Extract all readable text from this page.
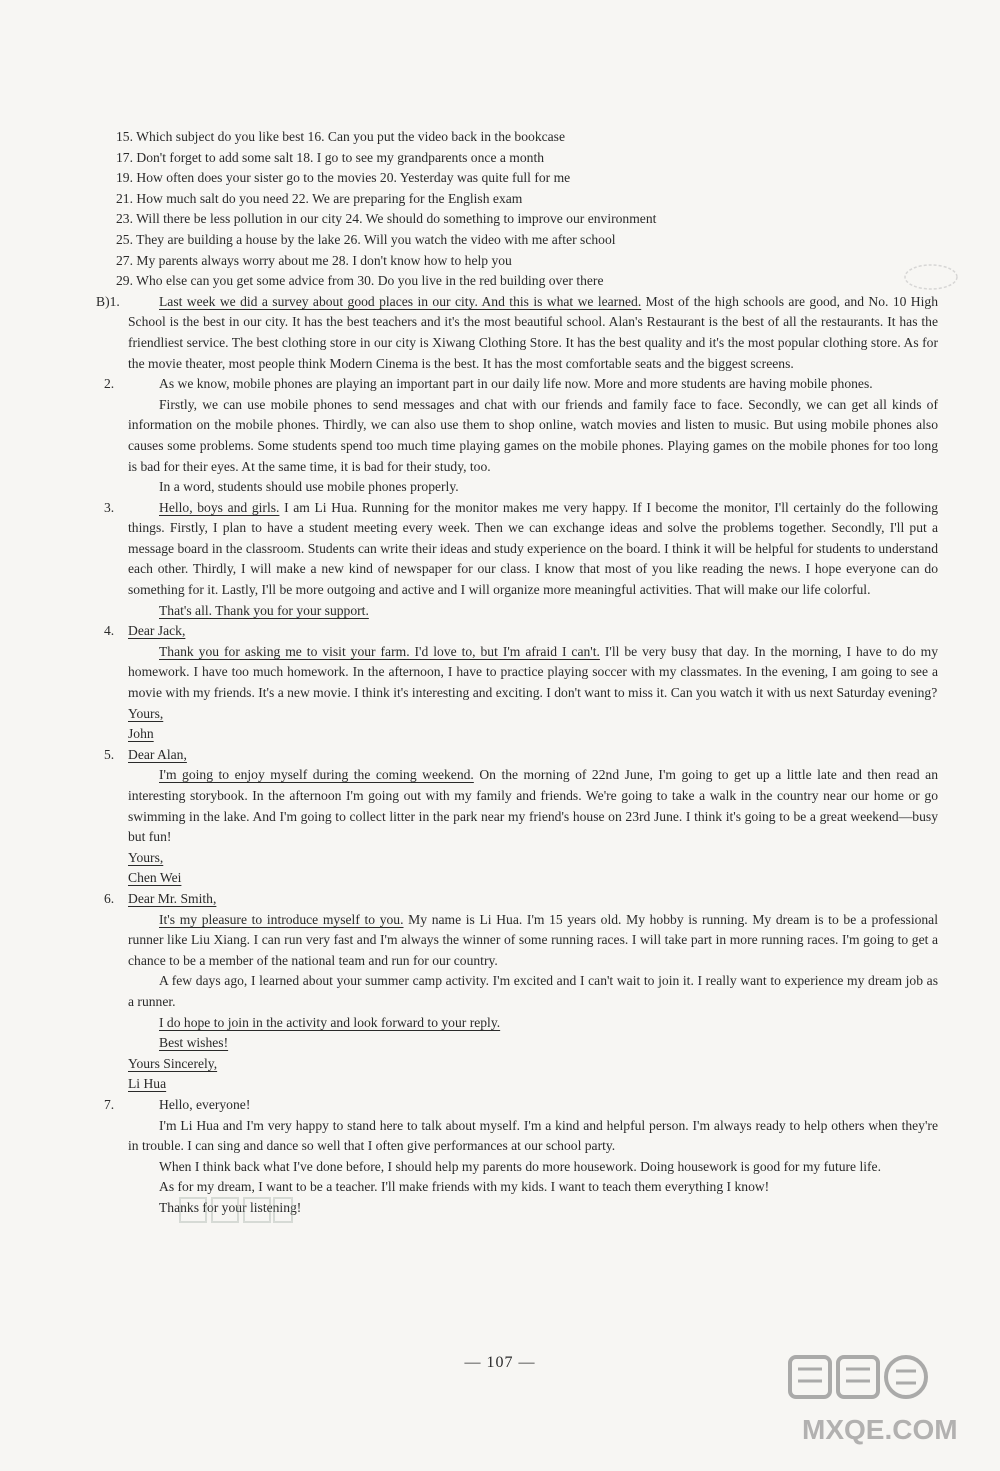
15. Which subject do you like best 16. Can you put the video back in the bookcase
17. Don't forget to add some salt 18. I go to see my grandparents once a month
19. How often does your sister go to the movies 20. Yesterday was quite full for me
21. How much salt do you need 22. We are preparing for the English exam
23. Will there be less pollution in our city 24. We should do something to improve our environment
25. They are building a house by the lake 26. Will you watch the video with me after school
27. My parents always worry about me 28. I don't know how to help you
29. Who else can you get some advice from 30. Do you live in the red building over there
B)1.	Last week we did a survey about good places in our city. And this is what we learned. Most of the high schools are good, and No. 10 High School is the best in our city. It has the best teachers and it's the most beautiful school. Alan's Restaurant is the best of all the restaurants. It has the friendliest service. The best clothing store in our city is Xiwang Clothing Store. It has the best quality and it's the most popular clothing store. As for the movie theater, most people think Modern Cinema is the best. It has the most comfortable seats and the biggest screens.
2.	As we know, mobile phones are playing an important part in our daily life now. More and more students are having mobile phones.
Firstly, we can use mobile phones to send messages and chat with our friends and family face to face. Secondly, we can get all kinds of information on the mobile phones. Thirdly, we can also use them to shop online, watch movies and listen to music. But using mobile phones also causes some problems. Some students spend too much time playing games on the mobile phones. Playing games on the mobile phones for too long is bad for their eyes. At the same time, it is bad for their study, too.
In a word, students should use mobile phones properly.
3.	Hello, boys and girls. I am Li Hua. Running for the monitor makes me very happy. If I become the monitor, I'll certainly do the following things. Firstly, I plan to have a student meeting every week. Then we can exchange ideas and solve the problems together. Secondly, I'll put a message board in the classroom. Students can write their ideas and study experience on the board. I think it will be helpful for students to understand each other. Thirdly, I will make a new kind of newspaper for our class. I know that most of you like reading the news. I hope everyone can do something for it. Lastly, I'll be more outgoing and active and I will organize more meaningful activities. That will make our life colorful.
That's all. Thank you for your support.
4.	Dear Jack,
Thank you for asking me to visit your farm. I'd love to, but I'm afraid I can't. I'll be very busy that day. In the morning, I have to do my homework. I have too much homework. In the afternoon, I have to practice playing soccer with my classmates. In the evening, I am going to see a movie with my friends. It's a new movie. I think it's interesting and exciting. I don't want to miss it. Can you watch it with us next Saturday evening?
Yours,
John
5.	Dear Alan,
I'm going to enjoy myself during the coming weekend. On the morning of 22nd June, I'm going to get up a little late and then read an interesting storybook. In the afternoon I'm going out with my family and friends. We're going to take a walk in the country near our home or go swimming in the lake. And I'm going to collect litter in the park near my friend's house on 23rd June. I think it's going to be a great weekend—busy but fun!
Yours,
Chen Wei
6.	Dear Mr. Smith,
It's my pleasure to introduce myself to you. My name is Li Hua. I'm 15 years old. My hobby is running. My dream is to be a professional runner like Liu Xiang. I can run very fast and I'm always the winner of some running races. I will take part in more running races. I'm going to get a chance to be a member of the national team and run for our country.
A few days ago, I learned about your summer camp activity. I'm excited and I can't wait to join it. I really want to experience my dream job as a runner.
I do hope to join in the activity and look forward to your reply.
Best wishes!
Yours Sincerely,
Li Hua
7.	Hello, everyone!
I'm Li Hua and I'm very happy to stand here to talk about myself. I'm a kind and helpful person. I'm always ready to help others when they're in trouble. I can sing and dance so well that I often give performances at our school party.
When I think back what I've done before, I should help my parents do more housework. Doing housework is good for my future life.
As for my dream, I want to be a teacher. I'll make friends with my kids. I want to teach them everything I know!
Thanks for your listening!
— 107 —
MXQE.COM
